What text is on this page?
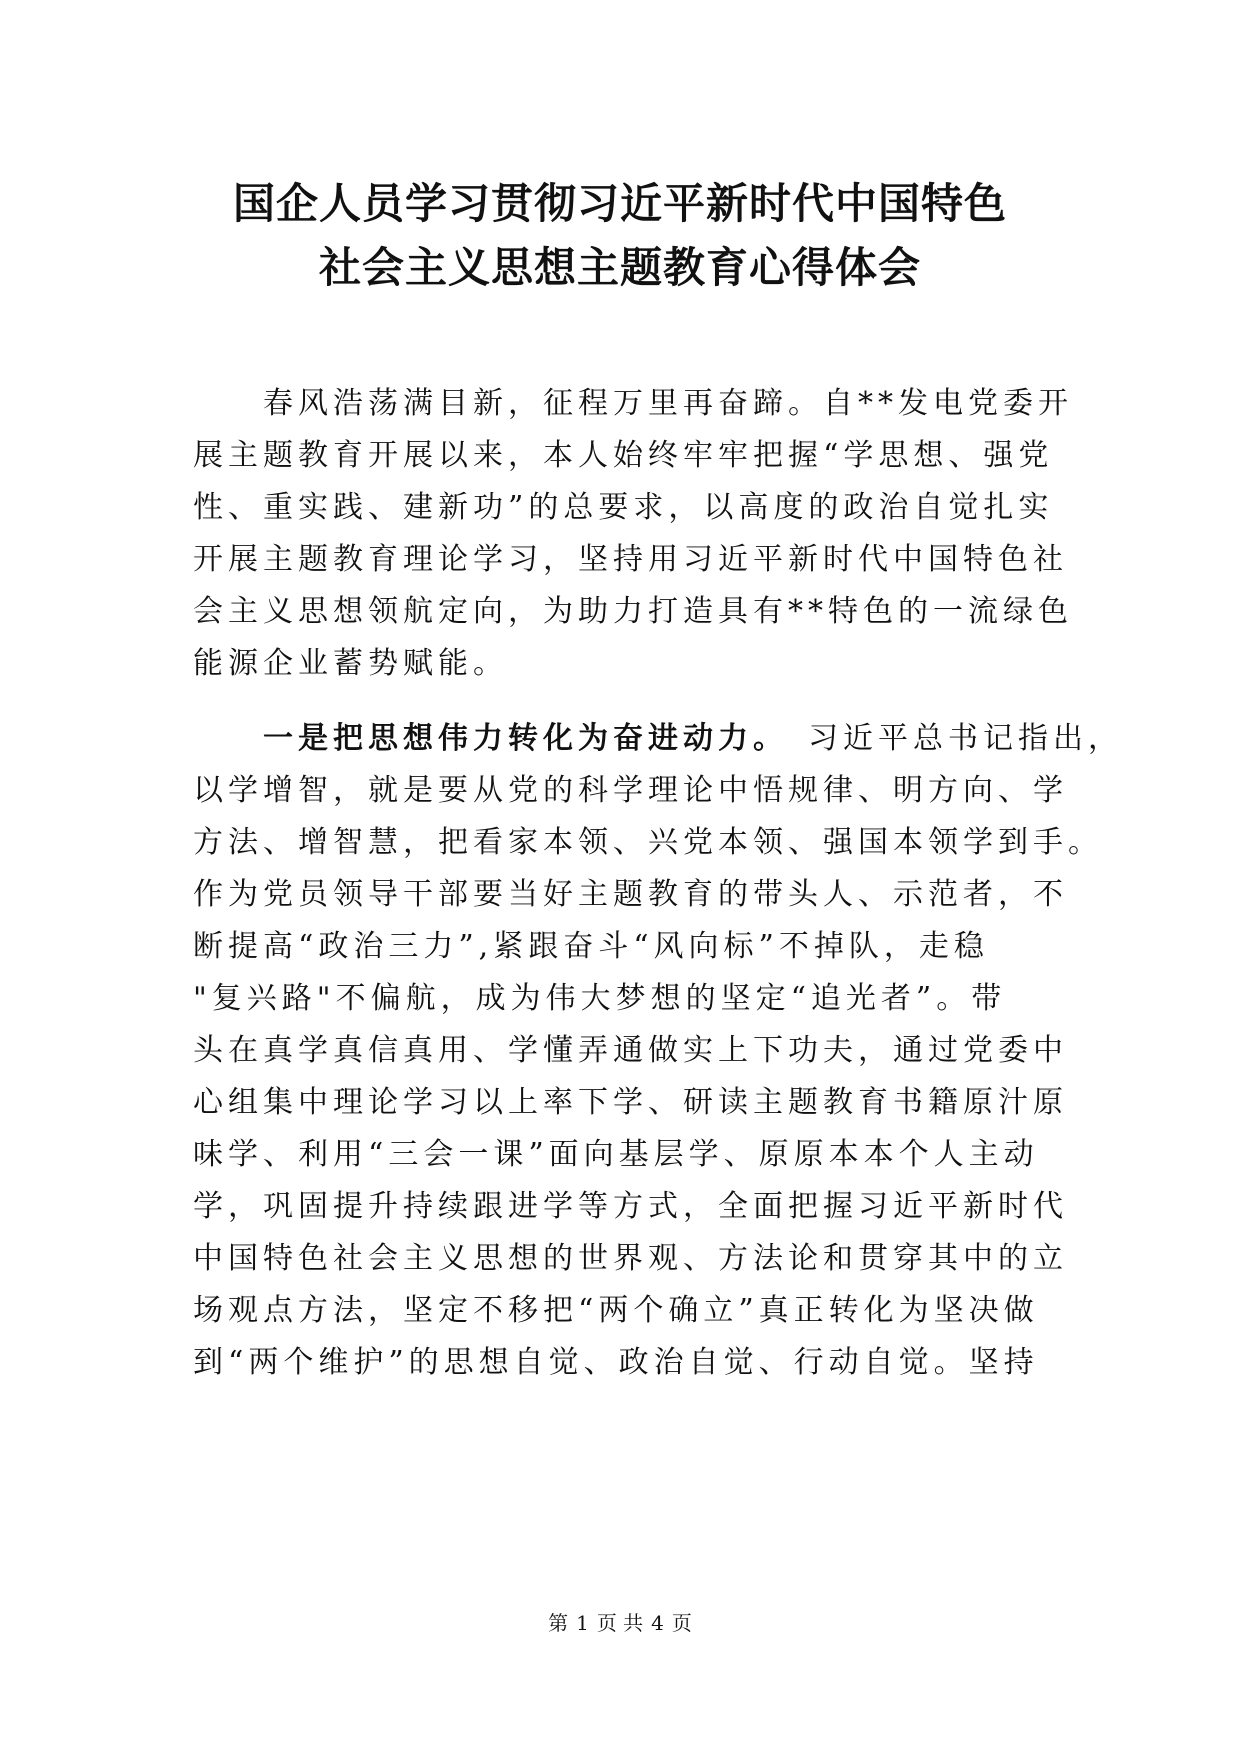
国企人员学习贯彻习近平新时代中国特色
社会主义思想主题教育心得体会
　　春风浩荡满目新，征程万里再奋蹄。自**发电党委开
展主题教育开展以来，本人始终牢牢把握“学思想、强党
性、重实践、建新功”的总要求，以高度的政治自觉扎实
开展主题教育理论学习，坚持用习近平新时代中国特色社
会主义思想领航定向，为助力打造具有**特色的一流绿色
能源企业蓄势赋能。
　　一是把思想伟力转化为奋进动力。　习近平总书记指出，
以学增智，就是要从党的科学理论中悟规律、明方向、学
方法、增智慧，把看家本领、兴党本领、强国本领学到手。
作为党员领导干部要当好主题教育的带头人、示范者，不
断提高“政治三力”,紧跟奋斗“风向标”不掉队，走稳
"复兴路"不偏航，成为伟大梦想的坚定“追光者”。带
头在真学真信真用、学懂弄通做实上下功夫，通过党委中
心组集中理论学习以上率下学、研读主题教育书籍原汁原
味学、利用“三会一课”面向基层学、原原本本个人主动
学，巩固提升持续跟进学等方式，全面把握习近平新时代
中国特色社会主义思想的世界观、方法论和贯穿其中的立
场观点方法，坚定不移把“两个确立”真正转化为坚决做
到“两个维护”的思想自觉、政治自觉、行动自觉。坚持
第 1 页 共 4 页
